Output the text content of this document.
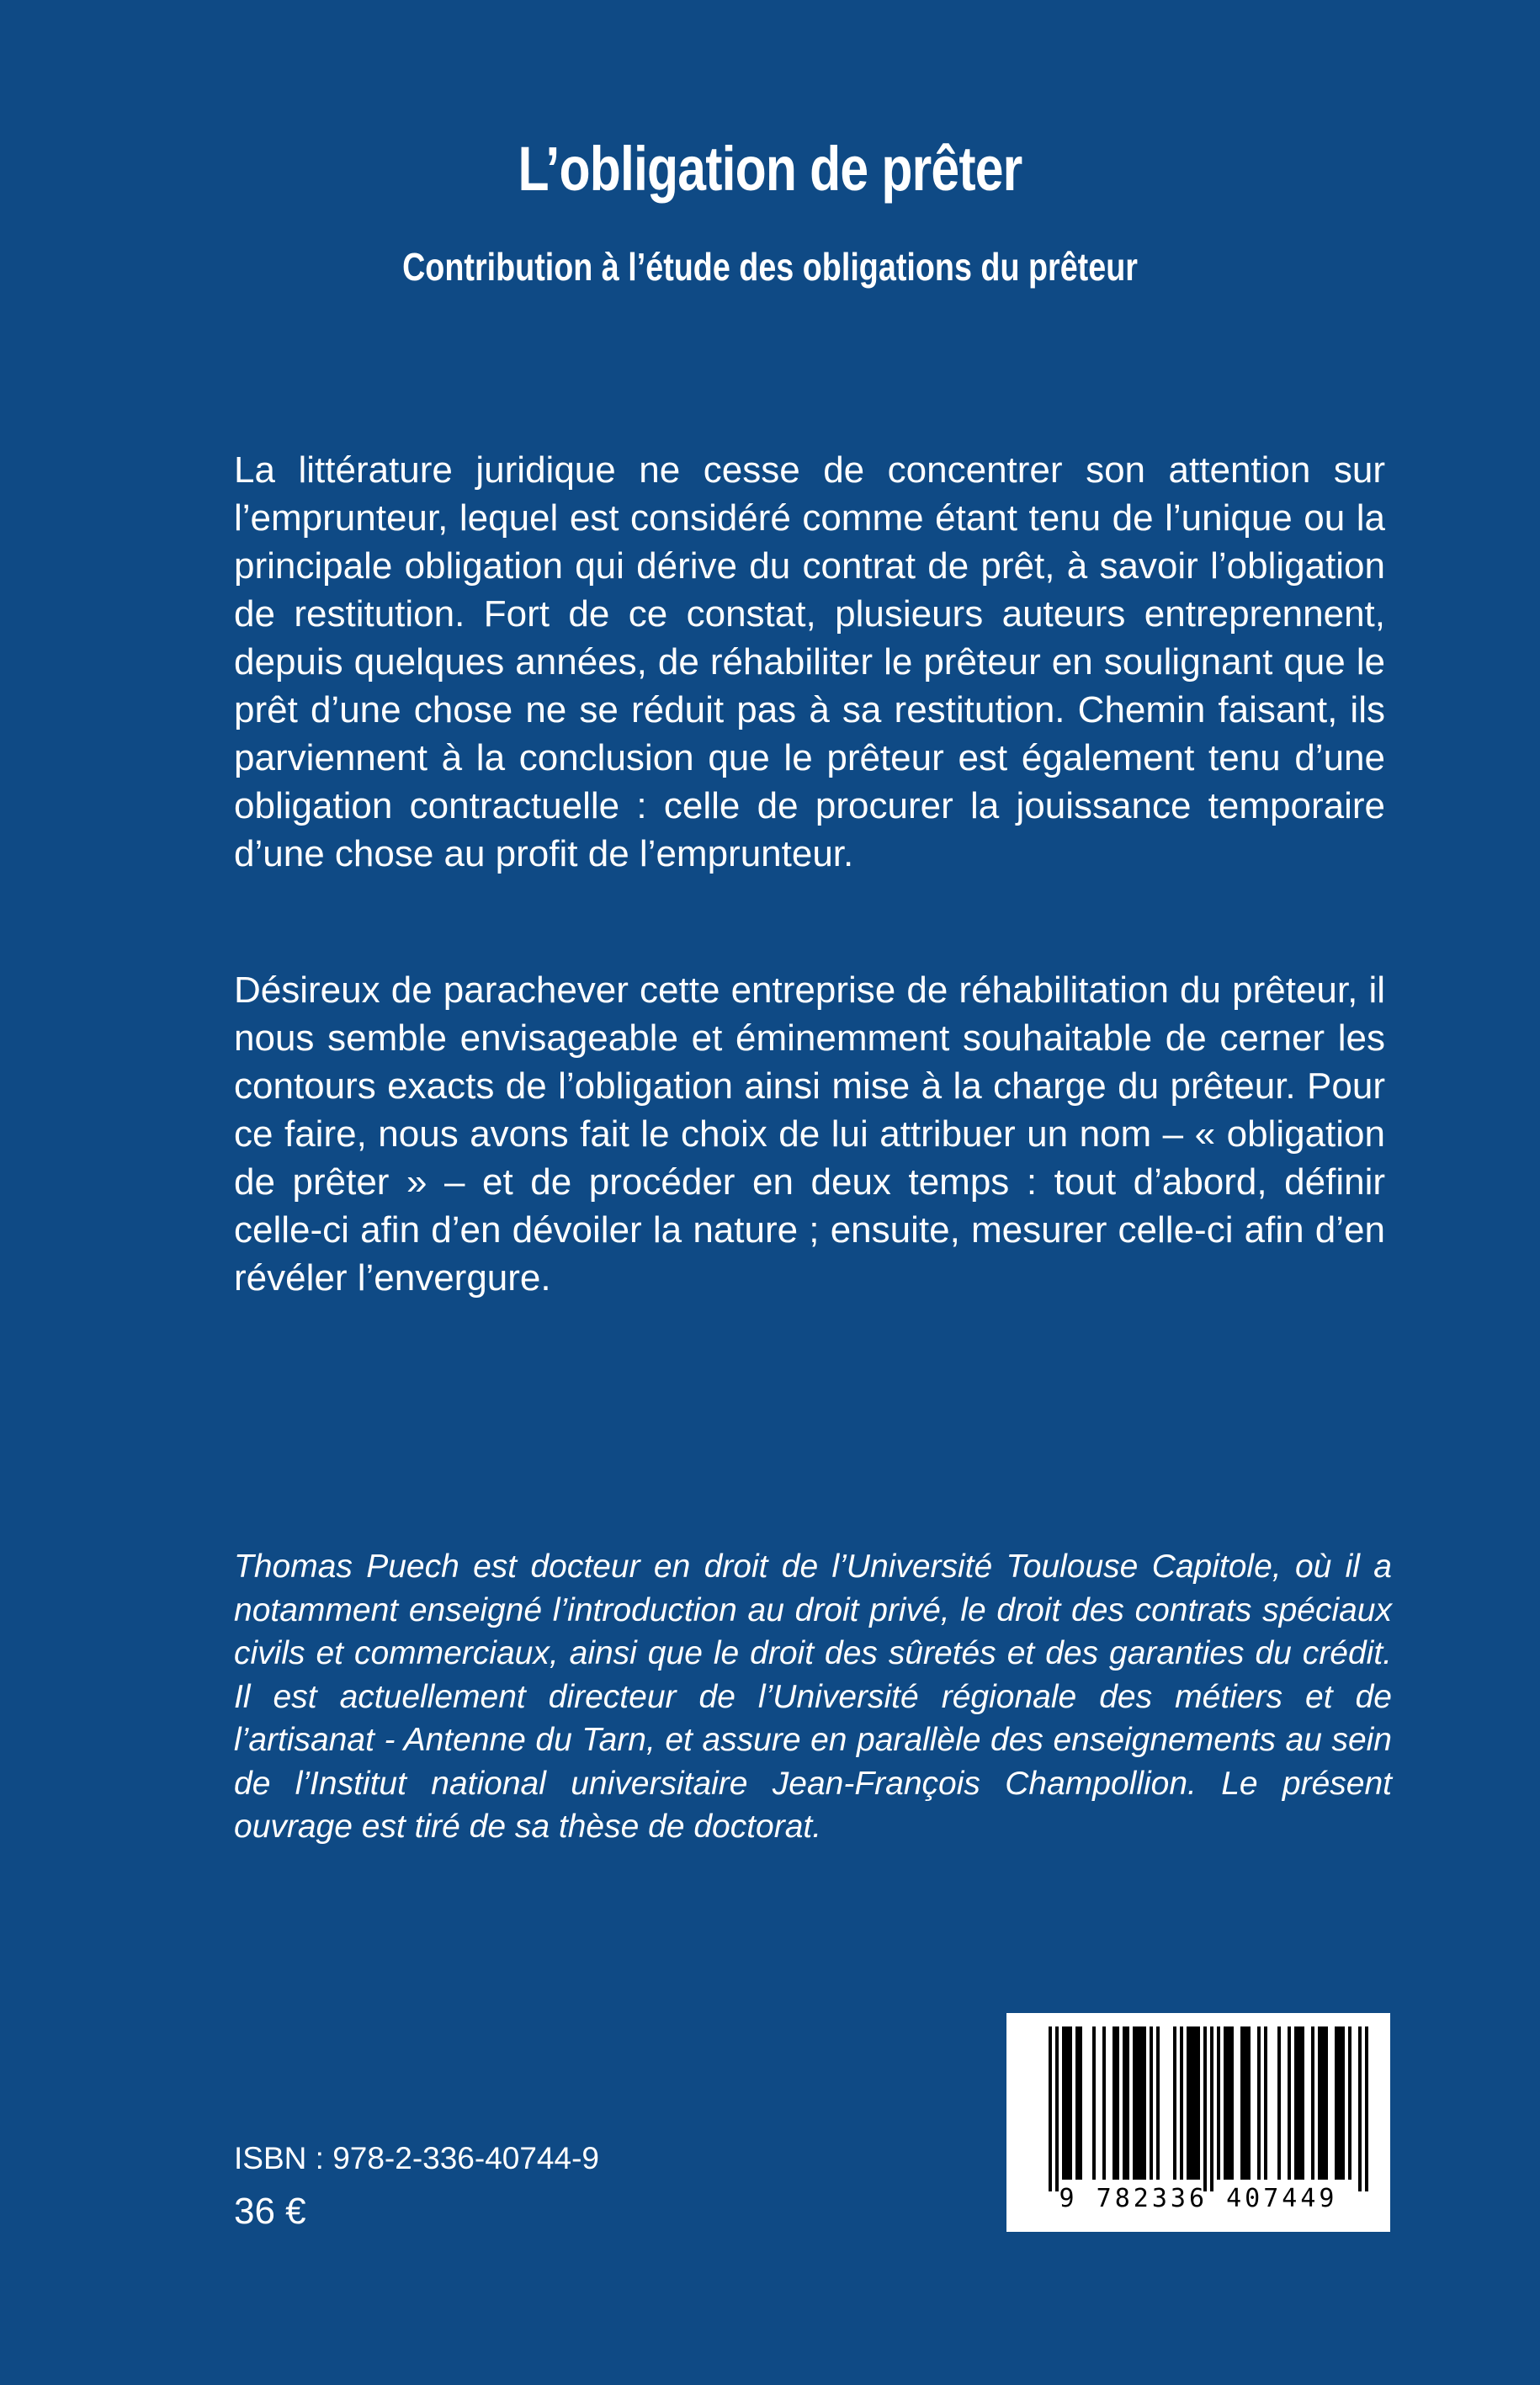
L’obligation de prêter
Contribution à l’étude des obligations du prêteur
La littérature juridique ne cesse de concentrer son attention sur l’emprunteur, lequel est considéré comme étant tenu de l’unique ou la principale obligation qui dérive du contrat de prêt, à savoir l’obligation de restitution. Fort de ce constat, plusieurs auteurs entreprennent, depuis quelques années, de réhabiliter le prêteur en soulignant que le prêt d’une chose ne se réduit pas à sa restitution. Chemin faisant, ils parviennent à la conclusion que le prêteur est également tenu d’une obligation contractuelle : celle de procurer la jouissance temporaire d’une chose au profit de l’emprunteur.
Désireux de parachever cette entreprise de réhabilitation du prêteur, il nous semble envisageable et éminemment souhaitable de cerner les contours exacts de l’obligation ainsi mise à la charge du prêteur. Pour ce faire, nous avons fait le choix de lui attribuer un nom – « obligation de prêter » – et de procéder en deux temps : tout d’abord, définir celle-ci afin d’en dévoiler la nature ; ensuite, mesurer celle-ci afin d’en révéler l’envergure.
Thomas Puech est docteur en droit de l’Université Toulouse Capitole, où il a notamment enseigné l’introduction au droit privé, le droit des contrats spéciaux civils et commerciaux, ainsi que le droit des sûretés et des garanties du crédit. Il est actuellement directeur de l’Université régionale des métiers et de l’artisanat - Antenne du Tarn, et assure en parallèle des enseignements au sein de l’Institut national universitaire Jean-François Champollion. Le présent ouvrage est tiré de sa thèse de doctorat.
ISBN : 978-2-336-40744-9
36 €	9 782336 407449
